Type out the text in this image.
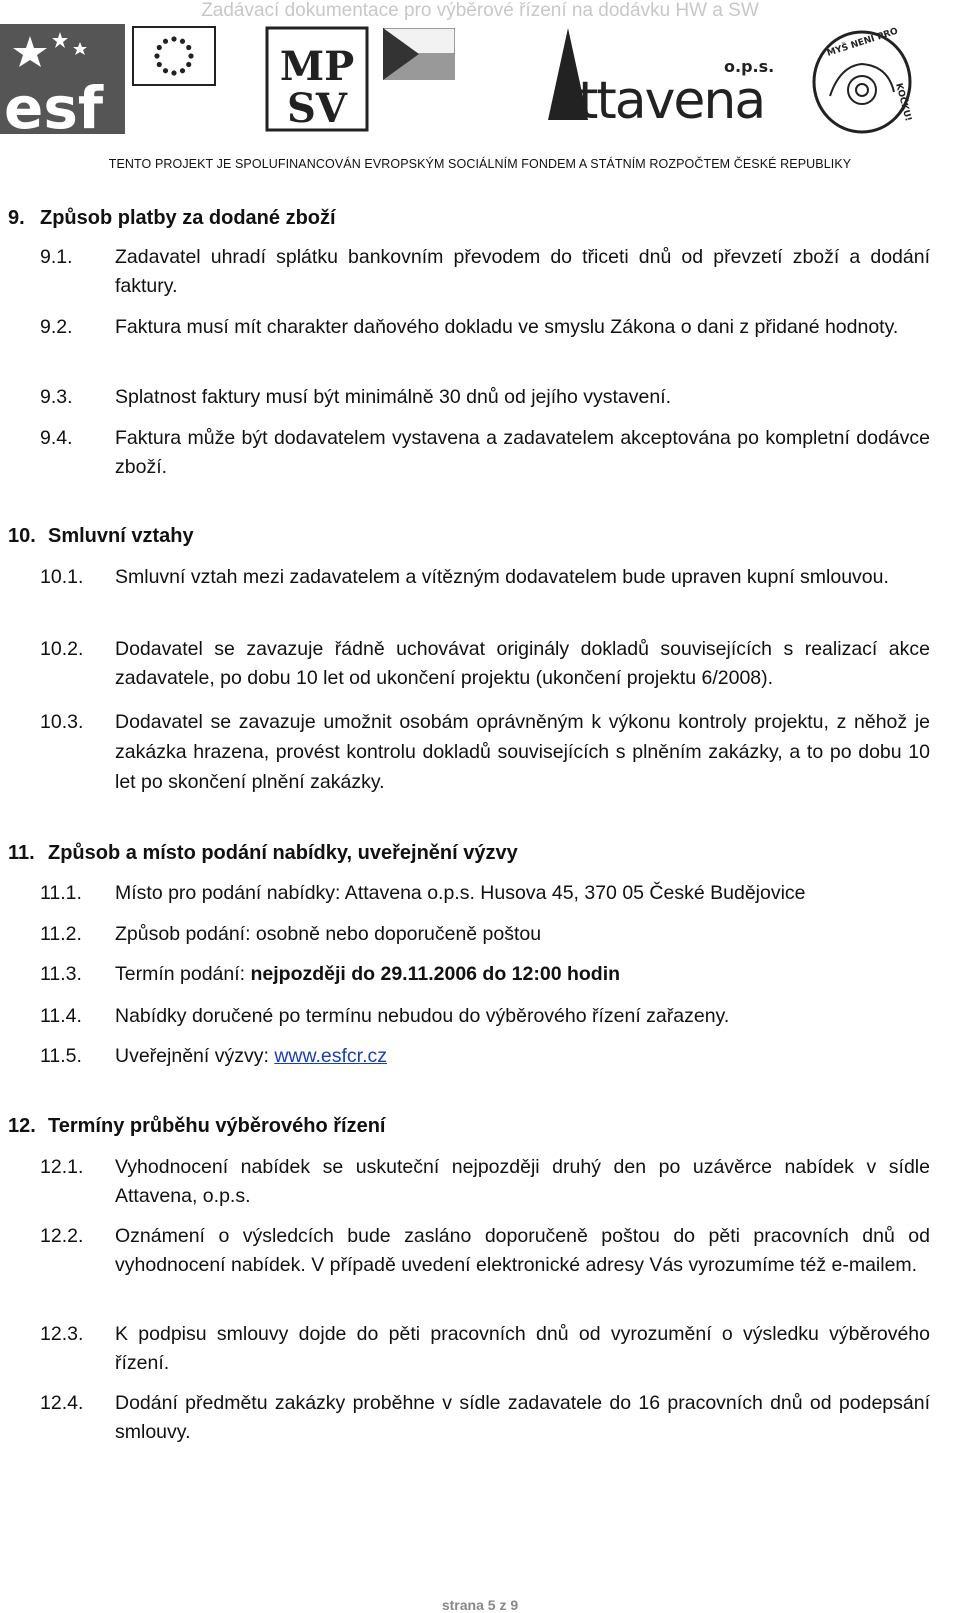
Zadávací dokumentace pro výběrové řízení na dodávku HW a SW
esf
MP
SV	ttavena
o.p.s.
MYŠ NENÍ PRO
KOČKU!
TENTO PROJEKT JE SPOLUFINANCOVÁN EVROPSKÝM SOCIÁLNÍM FONDEM A STÁTNÍM ROZPOČTEM ČESKÉ REPUBLIKY
9. Způsob platby za dodané zboží
9.1. Zadavatel uhradí splátku bankovním převodem do třiceti dnů od převzetí zboží a dodání faktury.
9.2. Faktura musí mít charakter daňového dokladu ve smyslu Zákona o dani z přidané hodnoty.
9.3. Splatnost faktury musí být minimálně 30 dnů od jejího vystavení.
9.4. Faktura může být dodavatelem vystavena a zadavatelem akceptována po kompletní dodávce zboží.
10. Smluvní vztahy
10.1. Smluvní vztah mezi zadavatelem a vítězným dodavatelem bude upraven kupní smlouvou.
10.2. Dodavatel se zavazuje řádně uchovávat originály dokladů souvisejících s realizací akce zadavatele, po dobu 10 let od ukončení projektu (ukončení projektu 6/2008).
10.3. Dodavatel se zavazuje umožnit osobám oprávněným k výkonu kontroly projektu, z něhož je zakázka hrazena, provést kontrolu dokladů souvisejících s plněním zakázky, a to po dobu 10 let po skončení plnění zakázky.
11. Způsob a místo podání nabídky, uveřejnění výzvy
11.1. Místo pro podání nabídky: Attavena o.p.s. Husova 45, 370 05 České Budějovice
11.2. Způsob podání: osobně nebo doporučeně poštou
11.3. Termín podání: nejpozději do 29.11.2006 do 12:00 hodin
11.4. Nabídky doručené po termínu nebudou do výběrového řízení zařazeny.
11.5. Uveřejnění výzvy: www.esfcr.cz
12. Termíny průběhu výběrového řízení
12.1. Vyhodnocení nabídek se uskuteční nejpozději druhý den po uzávěrce nabídek v sídle Attavena, o.p.s.
12.2. Oznámení o výsledcích bude zasláno doporučeně poštou do pěti pracovních dnů od vyhodnocení nabídek. V případě uvedení elektronické adresy Vás vyrozumíme též e-mailem.
12.3. K podpisu smlouvy dojde do pěti pracovních dnů od vyrozumění o výsledku výběrového řízení.
12.4. Dodání předmětu zakázky proběhne v sídle zadavatele do 16 pracovních dnů od podepsání smlouvy.
strana 5 z 9
